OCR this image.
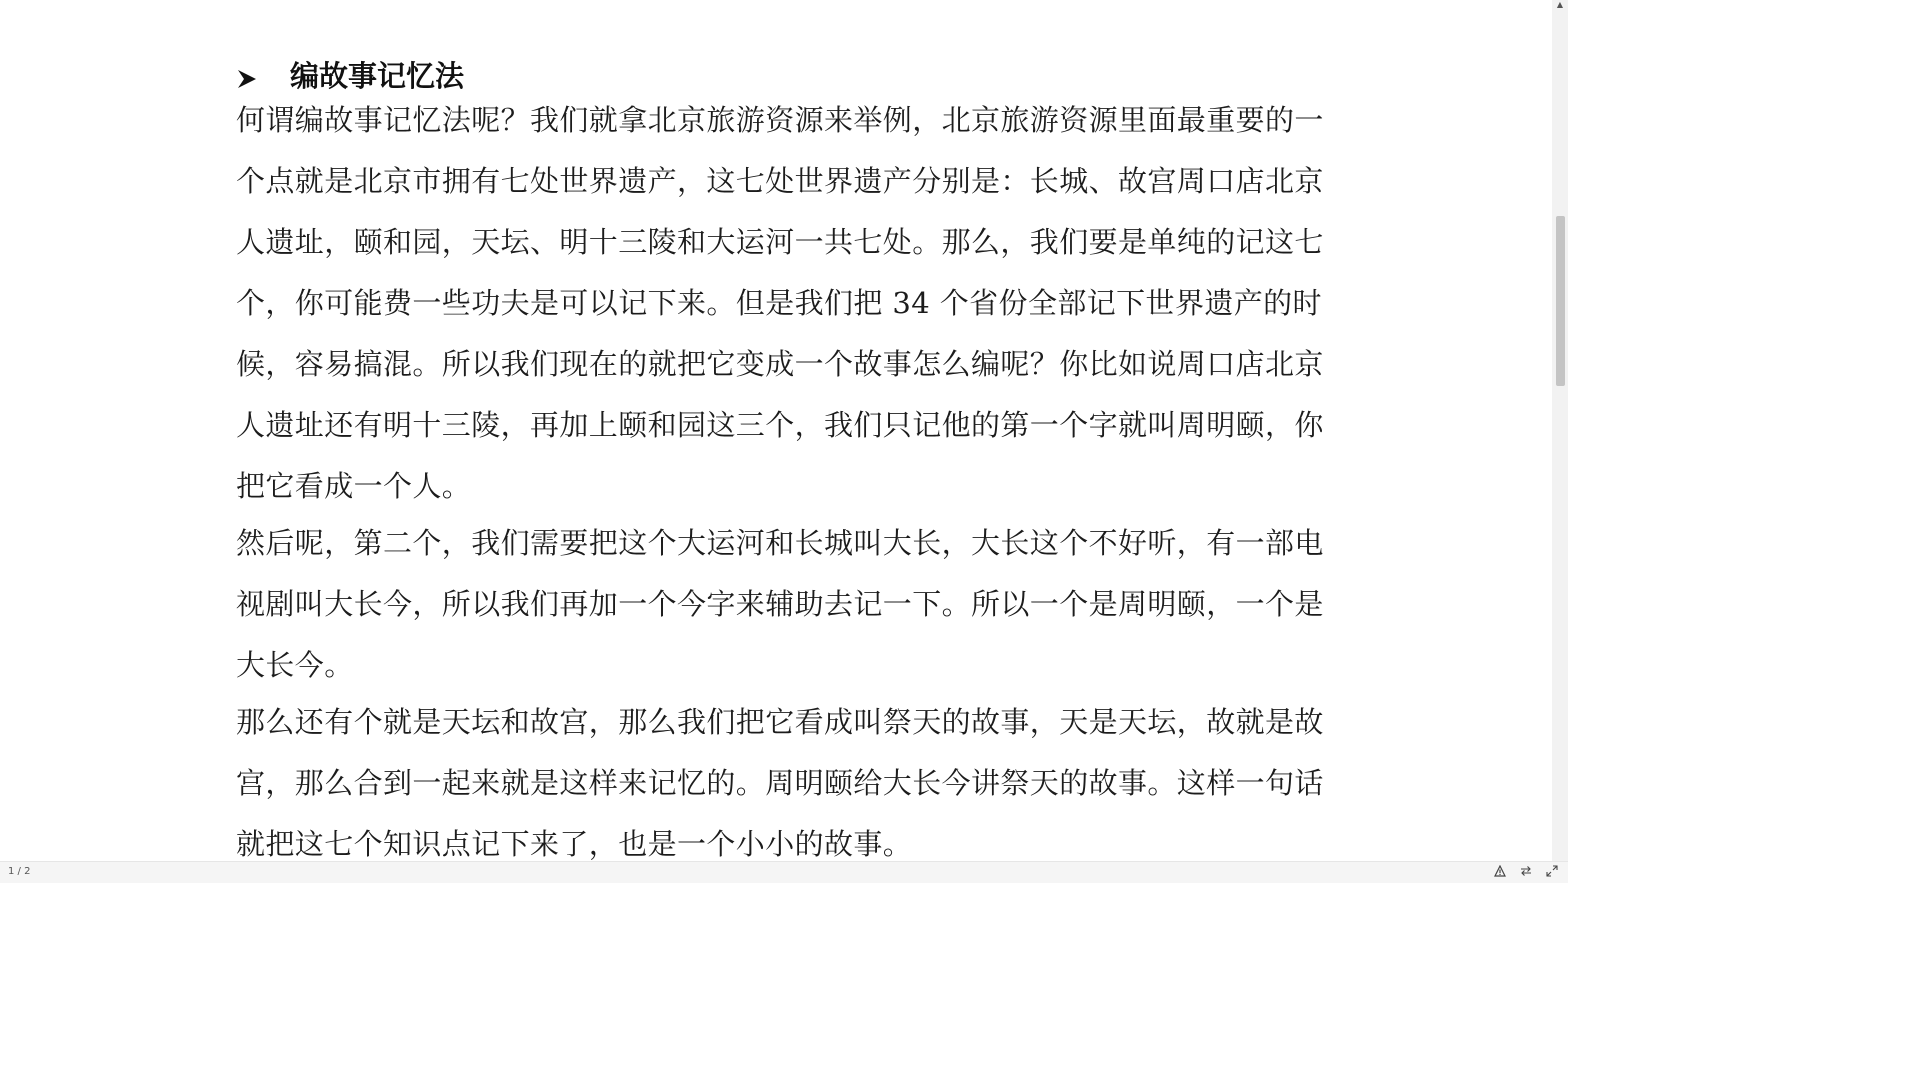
编故事记忆法

何谓编故事记忆法呢？我们就拿北京旅游资源来举例，北京旅游资源里面最重要的一个点就是北京市拥有七处世界遗产，这七处世界遗产分别是：长城、故宫周口店北京人遗址，颐和园，天坛、明十三陵和大运河一共七处。那么，我们要是单纯的记这七个，你可能费一些功夫是可以记下来。但是我们把 34 个省份全部记下世界遗产的时候，容易搞混。所以我们现在的就把它变成一个故事怎么编呢？你比如说周口店北京人遗址还有明十三陵，再加上颐和园这三个，我们只记他的第一个字就叫周明颐，你把它看成一个人。

然后呢，第二个，我们需要把这个大运河和长城叫大长，大长这个不好听，有一部电视剧叫大长今，所以我们再加一个今字来辅助去记一下。所以一个是周明颐，一个是大长今。

那么还有个就是天坛和故宫，那么我们把它看成叫祭天的故事，天是天坛，故就是故宫，那么合到一起来就是这样来记忆的。周明颐给大长今讲祭天的故事。这样一句话就把这七个知识点记下来了，也是一个小小的故事。

▲
1 / 2
